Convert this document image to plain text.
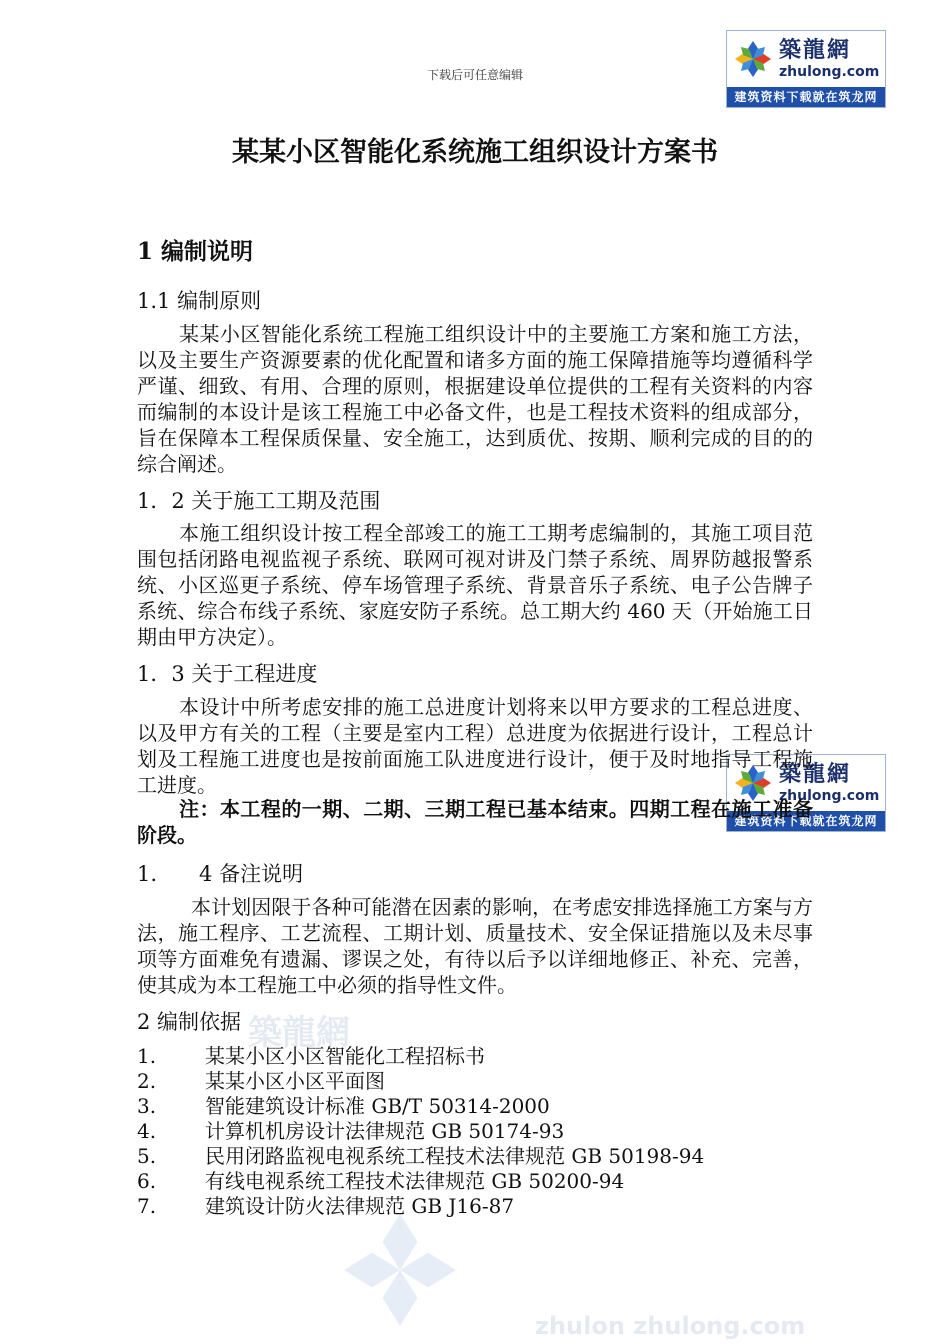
築龍網
zhulon zhulong.com
下载后可任意编辑
築龍網
zhulong.com
建筑资料下载就在筑龙网
築龍網
zhulong.com
建筑资料下载就在筑龙网
某某小区智能化系统施工组织设计方案书
1 编制说明
1.1 编制原则
某某小区智能化系统工程施工组织设计中的主要施工方案和施工方法，以及主要生产资源要素的优化配置和诸多方面的施工保障措施等均遵循科学严谨、细致、有用、合理的原则，根据建设单位提供的工程有关资料的内容而编制的本设计是该工程施工中必备文件，也是工程技术资料的组成部分，旨在保障本工程保质保量、安全施工，达到质优、按期、顺利完成的目的的综合阐述。
1．2 关于施工工期及范围
本施工组织设计按工程全部竣工的施工工期考虑编制的，其施工项目范围包括闭路电视监视子系统、联网可视对讲及门禁子系统、周界防越报警系统、小区巡更子系统、停车场管理子系统、背景音乐子系统、电子公告牌子系统、综合布线子系统、家庭安防子系统。总工期大约 460 天（开始施工日期由甲方决定）。
1．3 关于工程进度
本设计中所考虑安排的施工总进度计划将来以甲方要求的工程总进度、以及甲方有关的工程（主要是室内工程）总进度为依据进行设计，工程总计划及工程施工进度也是按前面施工队进度进行设计，便于及时地指导工程施工进度。
注：本工程的一期、二期、三期工程已基本结束。四期工程在施工准备阶段。
1.　　4 备注说明
本计划因限于各种可能潜在因素的影响，在考虑安排选择施工方案与方法，施工程序、工艺流程、工期计划、质量技术、安全保证措施以及未尽事项等方面难免有遗漏、谬误之处，有待以后予以详细地修正、补充、完善，使其成为本工程施工中必须的指导性文件。
2 编制依据
1.	某某小区小区智能化工程招标书
2.	某某小区小区平面图
3.	智能建筑设计标准 GB/T 50314-2000
4.	计算机机房设计法律规范 GB 50174-93
5.	民用闭路监视电视系统工程技术法律规范 GB 50198-94
6.	有线电视系统工程技术法律规范 GB 50200-94
7.	建筑设计防火法律规范 GB J16-87
